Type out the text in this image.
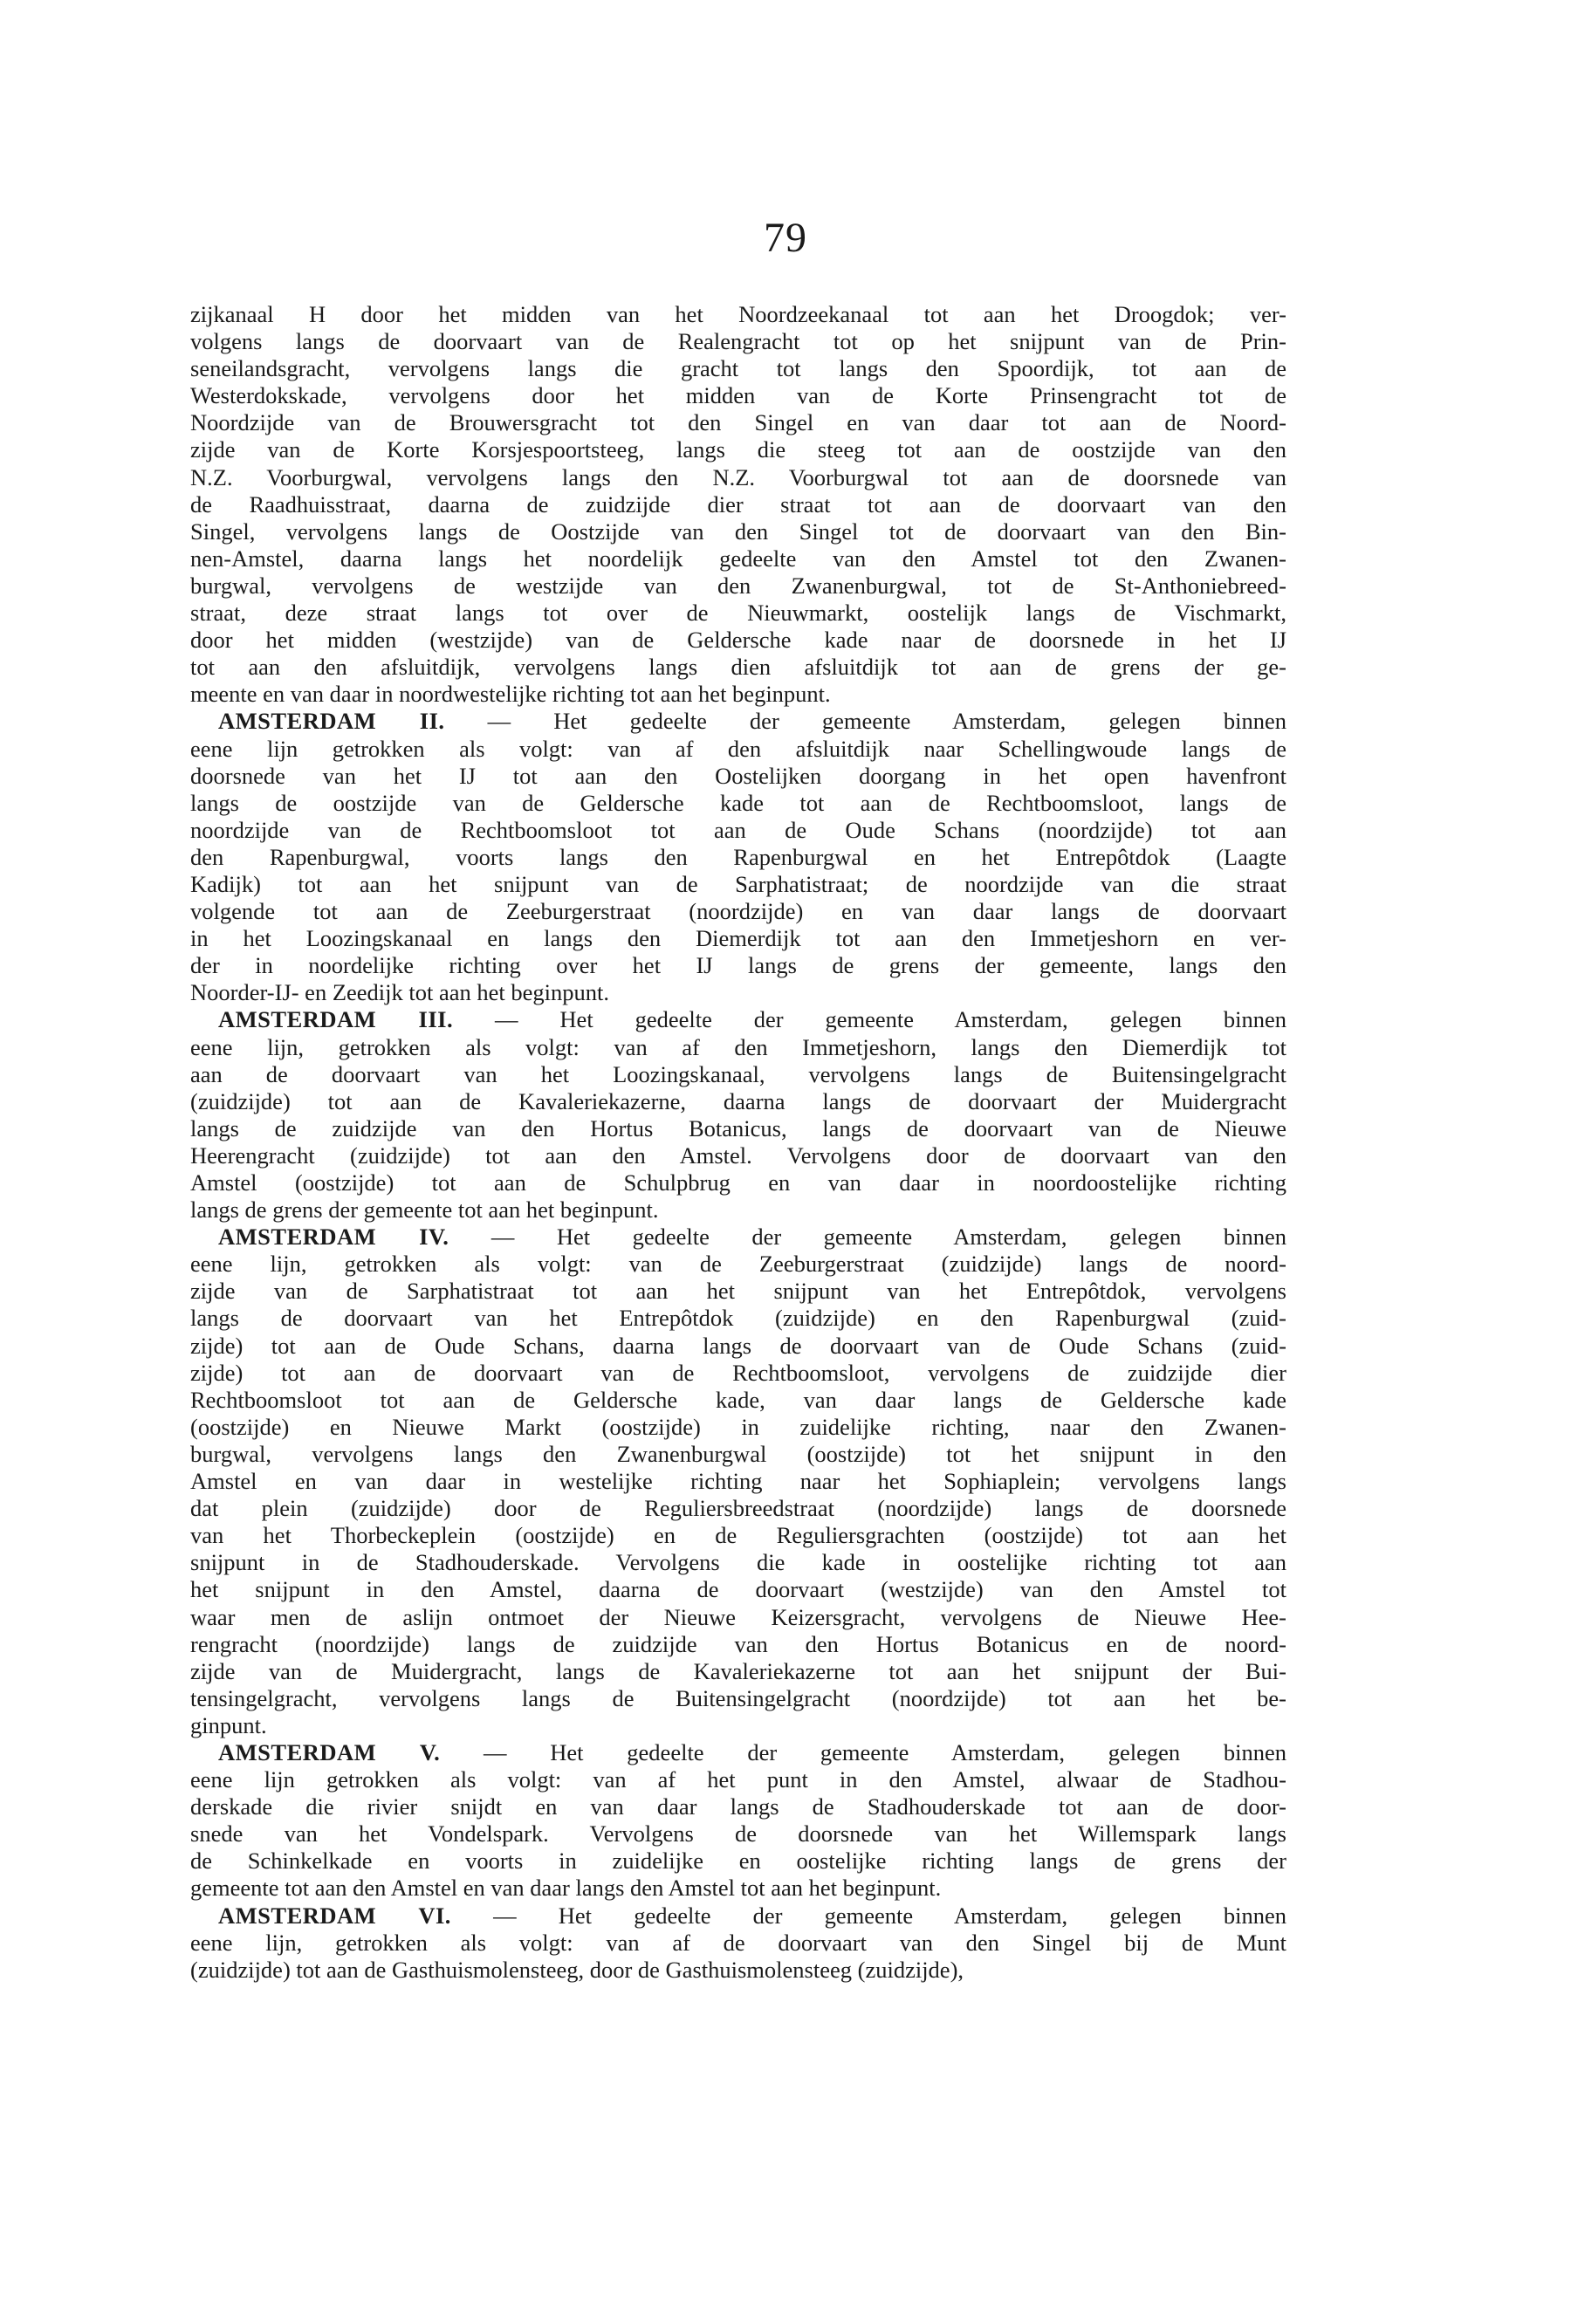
79
zijkanaal H door het midden van het Noordzeekanaal tot aan het Droogdok; ver-
volgens langs de doorvaart van de Realengracht tot op het snijpunt van de Prin-
seneilandsgracht, vervolgens langs die gracht tot langs den Spoordijk, tot aan de
Westerdokskade, vervolgens door het midden van de Korte Prinsengracht tot de
Noordzijde van de Brouwersgracht tot den Singel en van daar tot aan de Noord-
zijde van de Korte Korsjespoortsteeg, langs die steeg tot aan de oostzijde van den
N.Z. Voorburgwal, vervolgens langs den N.Z. Voorburgwal tot aan de doorsnede van
de Raadhuisstraat, daarna de zuidzijde dier straat tot aan de doorvaart van den
Singel, vervolgens langs de Oostzijde van den Singel tot de doorvaart van den Bin-
nen-Amstel, daarna langs het noordelijk gedeelte van den Amstel tot den Zwanen-
burgwal, vervolgens de westzijde van den Zwanenburgwal, tot de St-Anthoniebreed-
straat, deze straat langs tot over de Nieuwmarkt, oostelijk langs de Vischmarkt,
door het midden (westzijde) van de Geldersche kade naar de doorsnede in het IJ
tot aan den afsluitdijk, vervolgens langs dien afsluitdijk tot aan de grens der ge-
meente en van daar in noordwestelijke richting tot aan het beginpunt.
AMSTERDAM II. — Het gedeelte der gemeente Amsterdam, gelegen binnen
eene lijn getrokken als volgt: van af den afsluitdijk naar Schellingwoude langs de
doorsnede van het IJ tot aan den Oostelijken doorgang in het open havenfront
langs de oostzijde van de Geldersche kade tot aan de Rechtboomsloot, langs de
noordzijde van de Rechtboomsloot tot aan de Oude Schans (noordzijde) tot aan
den Rapenburgwal, voorts langs den Rapenburgwal en het Entrepôtdok (Laagte
Kadijk) tot aan het snijpunt van de Sarphatistraat; de noordzijde van die straat
volgende tot aan de Zeeburgerstraat (noordzijde) en van daar langs de doorvaart
in het Loozingskanaal en langs den Diemerdijk tot aan den Immetjeshorn en ver-
der in noordelijke richting over het IJ langs de grens der gemeente, langs den
Noorder-IJ- en Zeedijk tot aan het beginpunt.
AMSTERDAM III. — Het gedeelte der gemeente Amsterdam, gelegen binnen
eene lijn, getrokken als volgt: van af den Immetjeshorn, langs den Diemerdijk tot
aan de doorvaart van het Loozingskanaal, vervolgens langs de Buitensingelgracht
(zuidzijde) tot aan de Kavaleriekazerne, daarna langs de doorvaart der Muidergracht
langs de zuidzijde van den Hortus Botanicus, langs de doorvaart van de Nieuwe
Heerengracht (zuidzijde) tot aan den Amstel. Vervolgens door de doorvaart van den
Amstel (oostzijde) tot aan de Schulpbrug en van daar in noordoostelijke richting
langs de grens der gemeente tot aan het beginpunt.
AMSTERDAM IV. — Het gedeelte der gemeente Amsterdam, gelegen binnen
eene lijn, getrokken als volgt: van de Zeeburgerstraat (zuidzijde) langs de noord-
zijde van de Sarphatistraat tot aan het snijpunt van het Entrepôtdok, vervolgens
langs de doorvaart van het Entrepôtdok (zuidzijde) en den Rapenburgwal (zuid-
zijde) tot aan de Oude Schans, daarna langs de doorvaart van de Oude Schans (zuid-
zijde) tot aan de doorvaart van de Rechtboomsloot, vervolgens de zuidzijde dier
Rechtboomsloot tot aan de Geldersche kade, van daar langs de Geldersche kade
(oostzijde) en Nieuwe Markt (oostzijde) in zuidelijke richting, naar den Zwanen-
burgwal, vervolgens langs den Zwanenburgwal (oostzijde) tot het snijpunt in den
Amstel en van daar in westelijke richting naar het Sophiaplein; vervolgens langs
dat plein (zuidzijde) door de Reguliersbreedstraat (noordzijde) langs de doorsnede
van het Thorbeckeplein (oostzijde) en de Reguliersgrachten (oostzijde) tot aan het
snijpunt in de Stadhouderskade. Vervolgens die kade in oostelijke richting tot aan
het snijpunt in den Amstel, daarna de doorvaart (westzijde) van den Amstel tot
waar men de aslijn ontmoet der Nieuwe Keizersgracht, vervolgens de Nieuwe Hee-
rengracht (noordzijde) langs de zuidzijde van den Hortus Botanicus en de noord-
zijde van de Muidergracht, langs de Kavaleriekazerne tot aan het snijpunt der Bui-
tensingelgracht, vervolgens langs de Buitensingelgracht (noordzijde) tot aan het be-
ginpunt.
AMSTERDAM V. — Het gedeelte der gemeente Amsterdam, gelegen binnen
eene lijn getrokken als volgt: van af het punt in den Amstel, alwaar de Stadhou-
derskade die rivier snijdt en van daar langs de Stadhouderskade tot aan de door-
snede van het Vondelspark. Vervolgens de doorsnede van het Willemspark langs
de Schinkelkade en voorts in zuidelijke en oostelijke richting langs de grens der
gemeente tot aan den Amstel en van daar langs den Amstel tot aan het beginpunt.
AMSTERDAM VI. — Het gedeelte der gemeente Amsterdam, gelegen binnen
eene lijn, getrokken als volgt: van af de doorvaart van den Singel bij de Munt
(zuidzijde) tot aan de Gasthuismolensteeg, door de Gasthuismolensteeg (zuidzijde),
